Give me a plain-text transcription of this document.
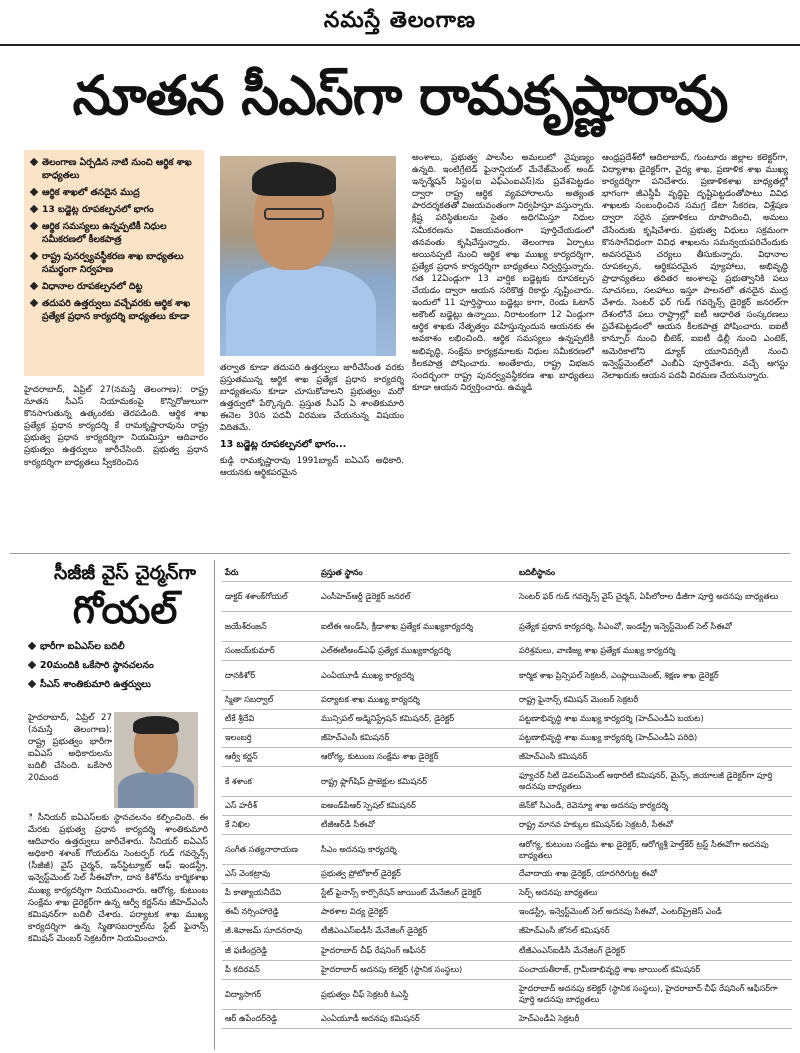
నమస్తే తెలంగాణ
నూతన సీఎస్‌గా రామకృష్ణారావు
తెలంగాణ ఏర్పడిన నాటి నుంచి ఆర్థిక శాఖ బాధ్యతలు
ఆర్థిక శాఖలో తనదైన ముద్ర
13 బడ్జెట్ల రూపకల్పనలో భాగం
ఆర్థిక సమస్యలు ఉన్నప్పటికీ నిధుల సమీకరణలో కీలకపాత్ర
రాష్ట్ర పునర్వ్యవస్థీకరణ శాఖ బాధ్యతలు సమర్థంగా నిర్వహణ
విధానాల రూపకల్పనలో దిట్ట
తదుపరి ఉత్తర్వులు వచ్చేవరకు ఆర్థిక శాఖ ప్రత్యేక ప్రధాన కార్యదర్శి బాధ్యతలు కూడా

హైదరాబాద్, ఏప్రిల్ 27(నమస్తే తెలంగాణ): రాష్ట్ర నూతన సీఎస్ నియామకంపై కొన్నిరోజులుగా కొనసాగుతున్న ఉత్కంఠకు తెరపడింది. ఆర్థిక శాఖ ప్రత్యేక ప్రధాన కార్యదర్శి కే రామకృష్ణారావును రాష్ట్ర ప్రభుత్వ ప్రధాన కార్యదర్శిగా నియమిస్తూ ఆదివారం ప్రభుత్వం ఉత్తర్వులు జారీచేసింది. ప్రభుత్వ ప్రధాన కార్యదర్శిగా బాధ్యతలు స్వీకరించిన

తర్వాత కూడా తదుపరి ఉత్తర్వులు జారీచేసేంత వరకు ప్రస్తుతమున్న ఆర్థిక శాఖ ప్రత్యేక ప్రధాన కార్యదర్శి బాధ్యతలను కూడా చూసుకోవాలని ప్రభుత్వం మరో ఉత్తర్వులో పేర్కొన్నది. ప్రస్తుత సీఎస్ ఏ శాంతికుమారి ఈనెల 30న పదవీ విరమణ చేయనున్న విషయం విదితమే.

13 బడ్జెట్ల రూపకల్పనలో భాగం...

కుడ్గి రామకృష్ణారావు 1991బ్యాచ్ ఐఏఎస్ అధికారి. ఆయనకు ఆర్థికపరమైన

అంశాలు, ప్రభుత్వ పాలసీల అమలులో నైపుణ్యం ఉన్నది. ఇంటిగ్రేటెడ్ ఫైనాన్షియల్ మేనేజ్‌మెంట్ అండ్ ఇన్ఫర్మేషన్ సిస్టం(ఐ ఎఫ్ఎంఐఎస్)ను ప్రవేశపెట్టడం ద్వారా రాష్ట్ర ఆర్థిక వ్యవహారాలను అత్యంత పారదర్శకతతో విజయవంతంగా నిర్వహిస్తూ వస్తున్నారు. క్లిష్ట పరిస్థితులను సైతం అధిగమిస్తూ నిధుల సమీకరణను విజయవంతంగా పూర్తిచేయడంలో తనవంతు కృషిచేస్తున్నారు. తెలంగాణ ఏర్పాటు అయినప్పటి నుంచి ఆర్థిక శాఖ ముఖ్య కార్యదర్శిగా, ప్రత్యేక ప్రధాన కార్యదర్శిగా బాధ్యతలు నిర్వర్తిస్తున్నారు. గత 12ఏండ్లుగా 13 వార్షిక బడ్జెట్లకు రూపకల్పన చేయడం ద్వారా ఆయన సరికొత్త రికార్డు సృష్టించారు. ఇందులో 11 పూర్తిస్థాయి బడ్జెట్లు కాగా, రెండు ఓటాన్ అకౌంట్ బడ్జెట్లు ఉన్నాయి. నిరాటంకంగా 12 ఏండ్లుగా ఆర్థిక శాఖకు నేతృత్వం వహిస్తున్నందున ఆయనకు ఈ అవకాశం లభించింది. ఆర్థిక సమస్యలు ఉన్నప్పటికీ అభివృద్ధి, సంక్షేమ కార్యక్రమాలకు నిధుల సమీకరణలో కీలకపాత్ర పోషించారు. అంతేకాదు, రాష్ట్ర విభజన సందర్భంగా రాష్ట్ర పునర్వ్యవస్థీకరణ శాఖ బాధ్యతలు కూడా ఆయన నిర్వర్తించారు. ఉమ్మడి

ఆంధ్రప్రదేశ్‌లో ఆదిలాబాద్, గుంటూరు జిల్లాల కలెక్టర్‌గా, విద్యాశాఖ డైరెక్టర్‌గా, వైద్య శాఖ, ప్రణాళిక శాఖ ముఖ్య కార్యదర్శిగా పనిచేశారు. ప్రణాళికశాఖ బాధ్యతల్లో భాగంగా జీఎస్డీపీ వృద్ధిపై దృష్టిపెట్టడంతోపాటు వివిధ శాఖలకు సంబంధించిన సమగ్ర డేటా సేకరణ, విశ్లేషణ ద్వారా సరైన ప్రణాళికలు రూపొందించి, అమలు చేసేందుకు కృషిచేశారు. ప్రభుత్వ విధులు సక్రమంగా కొనసాగేవిధంగా వివిధ శాఖలను సమన్వయపరిచేందుకు అవసరమైన చర్యలు తీసుకున్నారు. విధానాల రూపకల్పన, ఆర్థికపరమైన వ్యూహాలు, అభివృద్ధి ప్రాధాన్యతలు తదితర అంశాలపై ప్రభుత్వానికి పలు సూచనలు, సలహాలు ఇస్తూ పాలనలో తనదైన ముద్ర వేశారు. సెంటర్ ఫర్ గుడ్ గవర్నెన్స్ డైరెక్టర్ జనరల్‌గా దేశంలోనే పలు రాష్ట్రాల్లో ఐటీ ఆధారిత సంస్కరణలు ప్రవేశపెట్టడంలో ఆయన కీలకపాత్ర పోషించారు. ఐఐటీ కాన్పూర్ నుంచి బీటెక్, ఐఐటీ ఢిల్లీ నుంచి ఎంటెక్, అమెరికాలోని డ్యూక్ యూనివర్సిటీ నుంచి ఇన్వెస్ట్‌మెంట్‌లో ఎంబీఏ పూర్తిచేశారు. వచ్చే ఆగస్టు నెలాఖరుకు ఆయన పదవీ విరమణ చేయనున్నారు.

సీజీజీ వైస్ చైర్మన్‌గా
గోయల్
భారీగా ఐఏఎస్‌ల బదిలీ
20మందికి ఒకేసారి స్థానచలనం
సీఎస్ శాంతికుమారి ఉత్తర్వులు

హైదరాబాద్, ఏప్రిల్ 27 (నమస్తే తెలంగాణ): రాష్ట్ర ప్రభుత్వం భారీగా ఐఏఎస్ అధికారులను బదిలీ చేసింది. ఒకేసారి 20మంద

ి సీనియర్ ఐఏఎస్‌లకు స్థానచలనం కల్పించింది. ఈ మేరకు ప్రభుత్వ ప్రధాన కార్యదర్శి శాంతికుమారి ఆదివారం ఉత్తర్వులు జారీచేశారు. సీనియర్ ఐఏఎస్ అధికారి శశాంక్ గోయల్‌ను సెంటర్ఫర్ గుడ్ గవర్నెన్స్ (సీజీజీ) వైస్ చైర్మన్, ఇన్‌స్టిట్యూట్ ఆఫ్ ఇండస్ట్రీ, ఇన్వెస్ట్‌మెంట్ సెల్ సీఈవోగా, దాన కిశోర్‌ను కార్మికశాఖ ముఖ్య కార్యదర్శిగా నియమించారు. ఆరోగ్య, కుటుంబ సంక్షేమ శాఖ డైరెక్టర్‌గా ఉన్న ఆర్వీ కర్ణన్‌ను జీహెచ్ఎంసీ కమిషనర్‌గా బదిలీ చేశారు. పర్యాటక శాఖ ముఖ్య కార్యదర్శిగా ఉన్న స్మితాసబర్వాల్‌ను స్టేట్ ఫైనాన్స్ కమిషన్ మెంబర్ సెక్రటరీగా నియమించారు.

పేరు	ప్రస్తుత స్థానం	బదిలీస్థానం
డాక్టర్ శశాంక్‌గోయల్	ఎంసీహెచ్ఆర్డీ డైరెక్టర్ జనరల్	సెంటర్ ఫర్ గుడ్ గవర్నెన్స్ వైస్ చైర్మన్, ఏపీలోరాల డీజీగా పూర్తి అదనపు బాధ్యతలు
జయేశ్‌రంజన్	ఐటీఈ అండ్‌సీ, క్రీడాశాఖ ప్రత్యేక ముఖ్యకార్యదర్శి	ప్రత్యేక ప్రధాన కార్యదర్శి, సీఎంవో, ఇండస్ట్రీ ఇన్వెస్ట్‌మెంట్ సెల్ సీఈవో
సంజయ్‌కుమార్	ఎల్ఈటీఅండ్‌ఎఫ్ ప్రత్యేక ముఖ్యకార్యదర్శి	పరిశ్రమలు, వాణిజ్య శాఖ ప్రత్యేక ముఖ్య కార్యదర్శి
దానకిశోర్	ఎంఏయూడీ ముఖ్య కార్యదర్శి	కార్మిక శాఖ ప్రిన్సిపల్ సెక్రటరీ, ఎంప్లాయిమెంట్, శిక్షణ శాఖ డైరెక్టర్
స్మితా సబర్వాల్	పర్యాటక శాఖ ముఖ్య కార్యదర్శి	రాష్ట్ర ఫైనాన్స్ కమిషన్ మెంబర్ సెక్రటరీ
టీకే శ్రీదేవి	మున్సిపల్ అడ్మినిస్ట్రేషన్ కమిషనర్, డైరెక్టర్	పట్టణాభివృద్ధి శాఖ ముఖ్య కార్యదర్శి (హెచ్ఎండీఏ బయట)
ఇలంబర్తి	జీహెచ్ఎంసీ కమిషనర్	పట్టణాభివృద్ధి శాఖ ముఖ్య కార్యదర్శి (హెచ్ఎండీఏ పరిధి)
ఆర్వీ కర్ణన్	ఆరోగ్య, కుటుంబ సంక్షేమ శాఖ డైరెక్టర్	జీహెచ్ఎంసీ కమిషనర్
కే శశాంక	రాష్ట్ర ఫ్లాగ్‌షిప్ ప్రాజెక్టుల కమిషనర్	ఫ్యూచర్ సిటీ డెవలప్‌మెంట్ అథారిటీ కమిషనర్, మైన్స్, జియాలజీ డైరెక్టర్‌గా పూర్తి అదనపు బాధ్యతలు
ఎస్ హరీశ్	ఐఅండ్‌పీఆర్ స్పెషల్ కమిషనర్	జెన్‌కో సీఎండీ, రెవెన్యూ శాఖ అదనపు కార్యదర్శి
కే నిఖిల	టీజీఆర్‌డీ సీఈవో	రాష్ట్ర మానవ హక్కుల కమిషన్‌కు సెక్రటరీ, సీఈవో
సంగీత సత్యనారాయణ	సీఎం అదనపు కార్యదర్శి	ఆరోగ్య, కుటుంబ సంక్షేమ శాఖ డైరెక్టర్, ఆరోగ్యశ్రీ హెల్త్‌కేర్ ట్రస్ట్ సీఈవోగా అదనపు బాధ్యతలు
ఎస్ వెంకట్రావు	ప్రభుత్వ ప్రోటోకాల్ డైరెక్టర్	దేవాదాయ శాఖ డైరెక్టర్, యాదగిరిగుట్ట ఈవో
పీ కాత్యాయనీదేవి	స్టేట్ ఫైనాన్స్ కార్పొరేషన్ జాయింట్ మేనేజింగ్ డైరెక్టర్	సెర్ప్ అదనపు బాధ్యతలు
ఈవీ నర్సింహారెడ్డి	పాఠశాల విద్య డైరెక్టర్	ఇండస్ట్రీ, ఇన్వెస్ట్‌మెంట్ సెల్ అదనపు సీఈవో, ఎంటర్‌ప్రైజెస్ ఎండీ
జీ.శివాజమ్ సూదనరావు	టీజీఎంఎస్ఐడీసీ మేనేజింగ్ డైరెక్టర్	జీహెచ్ఎంసీ జోనల్ కమిషనర్
జీ ఫణీంద్రరెడ్డి	హైదరాబాద్ చీఫ్ రేషనింగ్ ఆఫీసర్	టీజీఎంఎస్ఐడీసీ మేనేజింగ్ డైరెక్టర్
పీ కదిరవన్	హైదరాబాద్ అదనపు కలెక్టర్ (స్థానిక సంస్థలు)	పంచాయతీరాజ్, గ్రామీణాభివృద్ధి శాఖ జాయింట్ కమిషనర్
విద్యాసాగర్	ప్రభుత్వం చీఫ్ సెక్రటరీ ఓఎస్డీ	హైదరాబాద్ అదనపు కలెక్టర్ (స్థానిక సంస్థలు), హైదరాబాద్ చీఫ్ రేషనింగ్ ఆఫీసర్‌గా పూర్తి అదనపు బాధ్యతలు
ఆర్ ఉపేందర్‌రెడ్డి	ఎంఏయూడీ అదనపు కమిషనర్	హెచ్ఎండీఏ సెక్రటరీ
